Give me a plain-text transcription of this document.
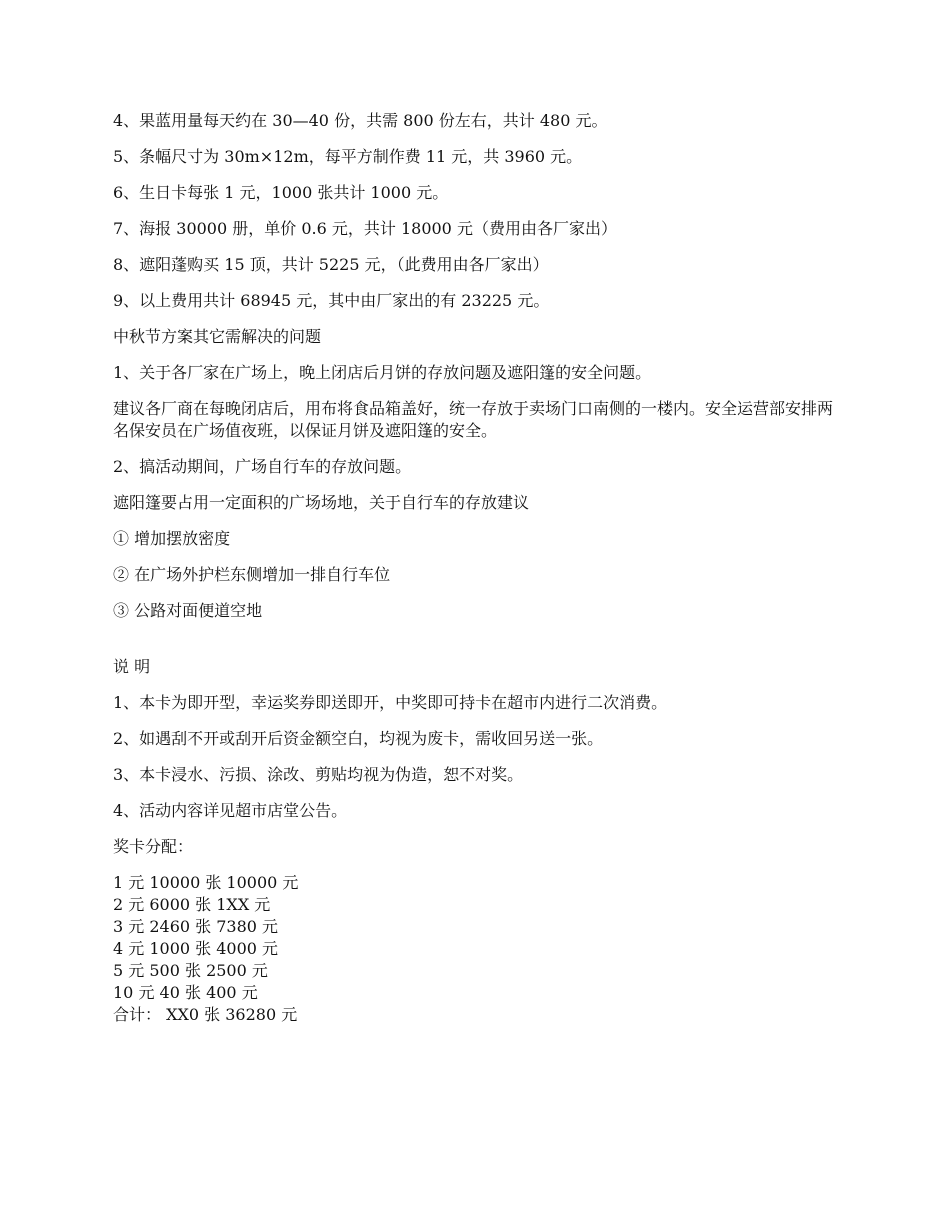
4、果蓝用量每天约在 30—40 份，共需 800 份左右，共计 480 元。

5、条幅尺寸为 30m×12m，每平方制作费 11 元，共 3960 元。

6、生日卡每张 1 元，1000 张共计 1000 元。

7、海报 30000 册，单价 0.6 元，共计 18000 元（费用由各厂家出）

8、遮阳蓬购买 15 顶，共计 5225 元，（此费用由各厂家出）

9、以上费用共计 68945 元，其中由厂家出的有 23225 元。

中秋节方案其它需解决的问题

1、关于各厂家在广场上，晚上闭店后月饼的存放问题及遮阳篷的安全问题。

建议各厂商在每晚闭店后，用布将食品箱盖好，统一存放于卖场门口南侧的一楼内。安全运营部安排两名保安员在广场值夜班，以保证月饼及遮阳篷的安全。

2、搞活动期间，广场自行车的存放问题。

遮阳篷要占用一定面积的广场场地，关于自行车的存放建议

① 增加摆放密度

② 在广场外护栏东侧增加一排自行车位

③ 公路对面便道空地

说 明

1、本卡为即开型，幸运奖券即送即开，中奖即可持卡在超市内进行二次消费。

2、如遇刮不开或刮开后资金额空白，均视为废卡，需收回另送一张。

3、本卡浸水、污损、涂改、剪贴均视为伪造，恕不对奖。

4、活动内容详见超市店堂公告。

奖卡分配：

1 元 10000 张 10000 元
2 元 6000 张 1XX 元
3 元 2460 张 7380 元
4 元 1000 张 4000 元
5 元 500 张 2500 元
10 元 40 张 400 元
合计： XX0 张 36280 元
